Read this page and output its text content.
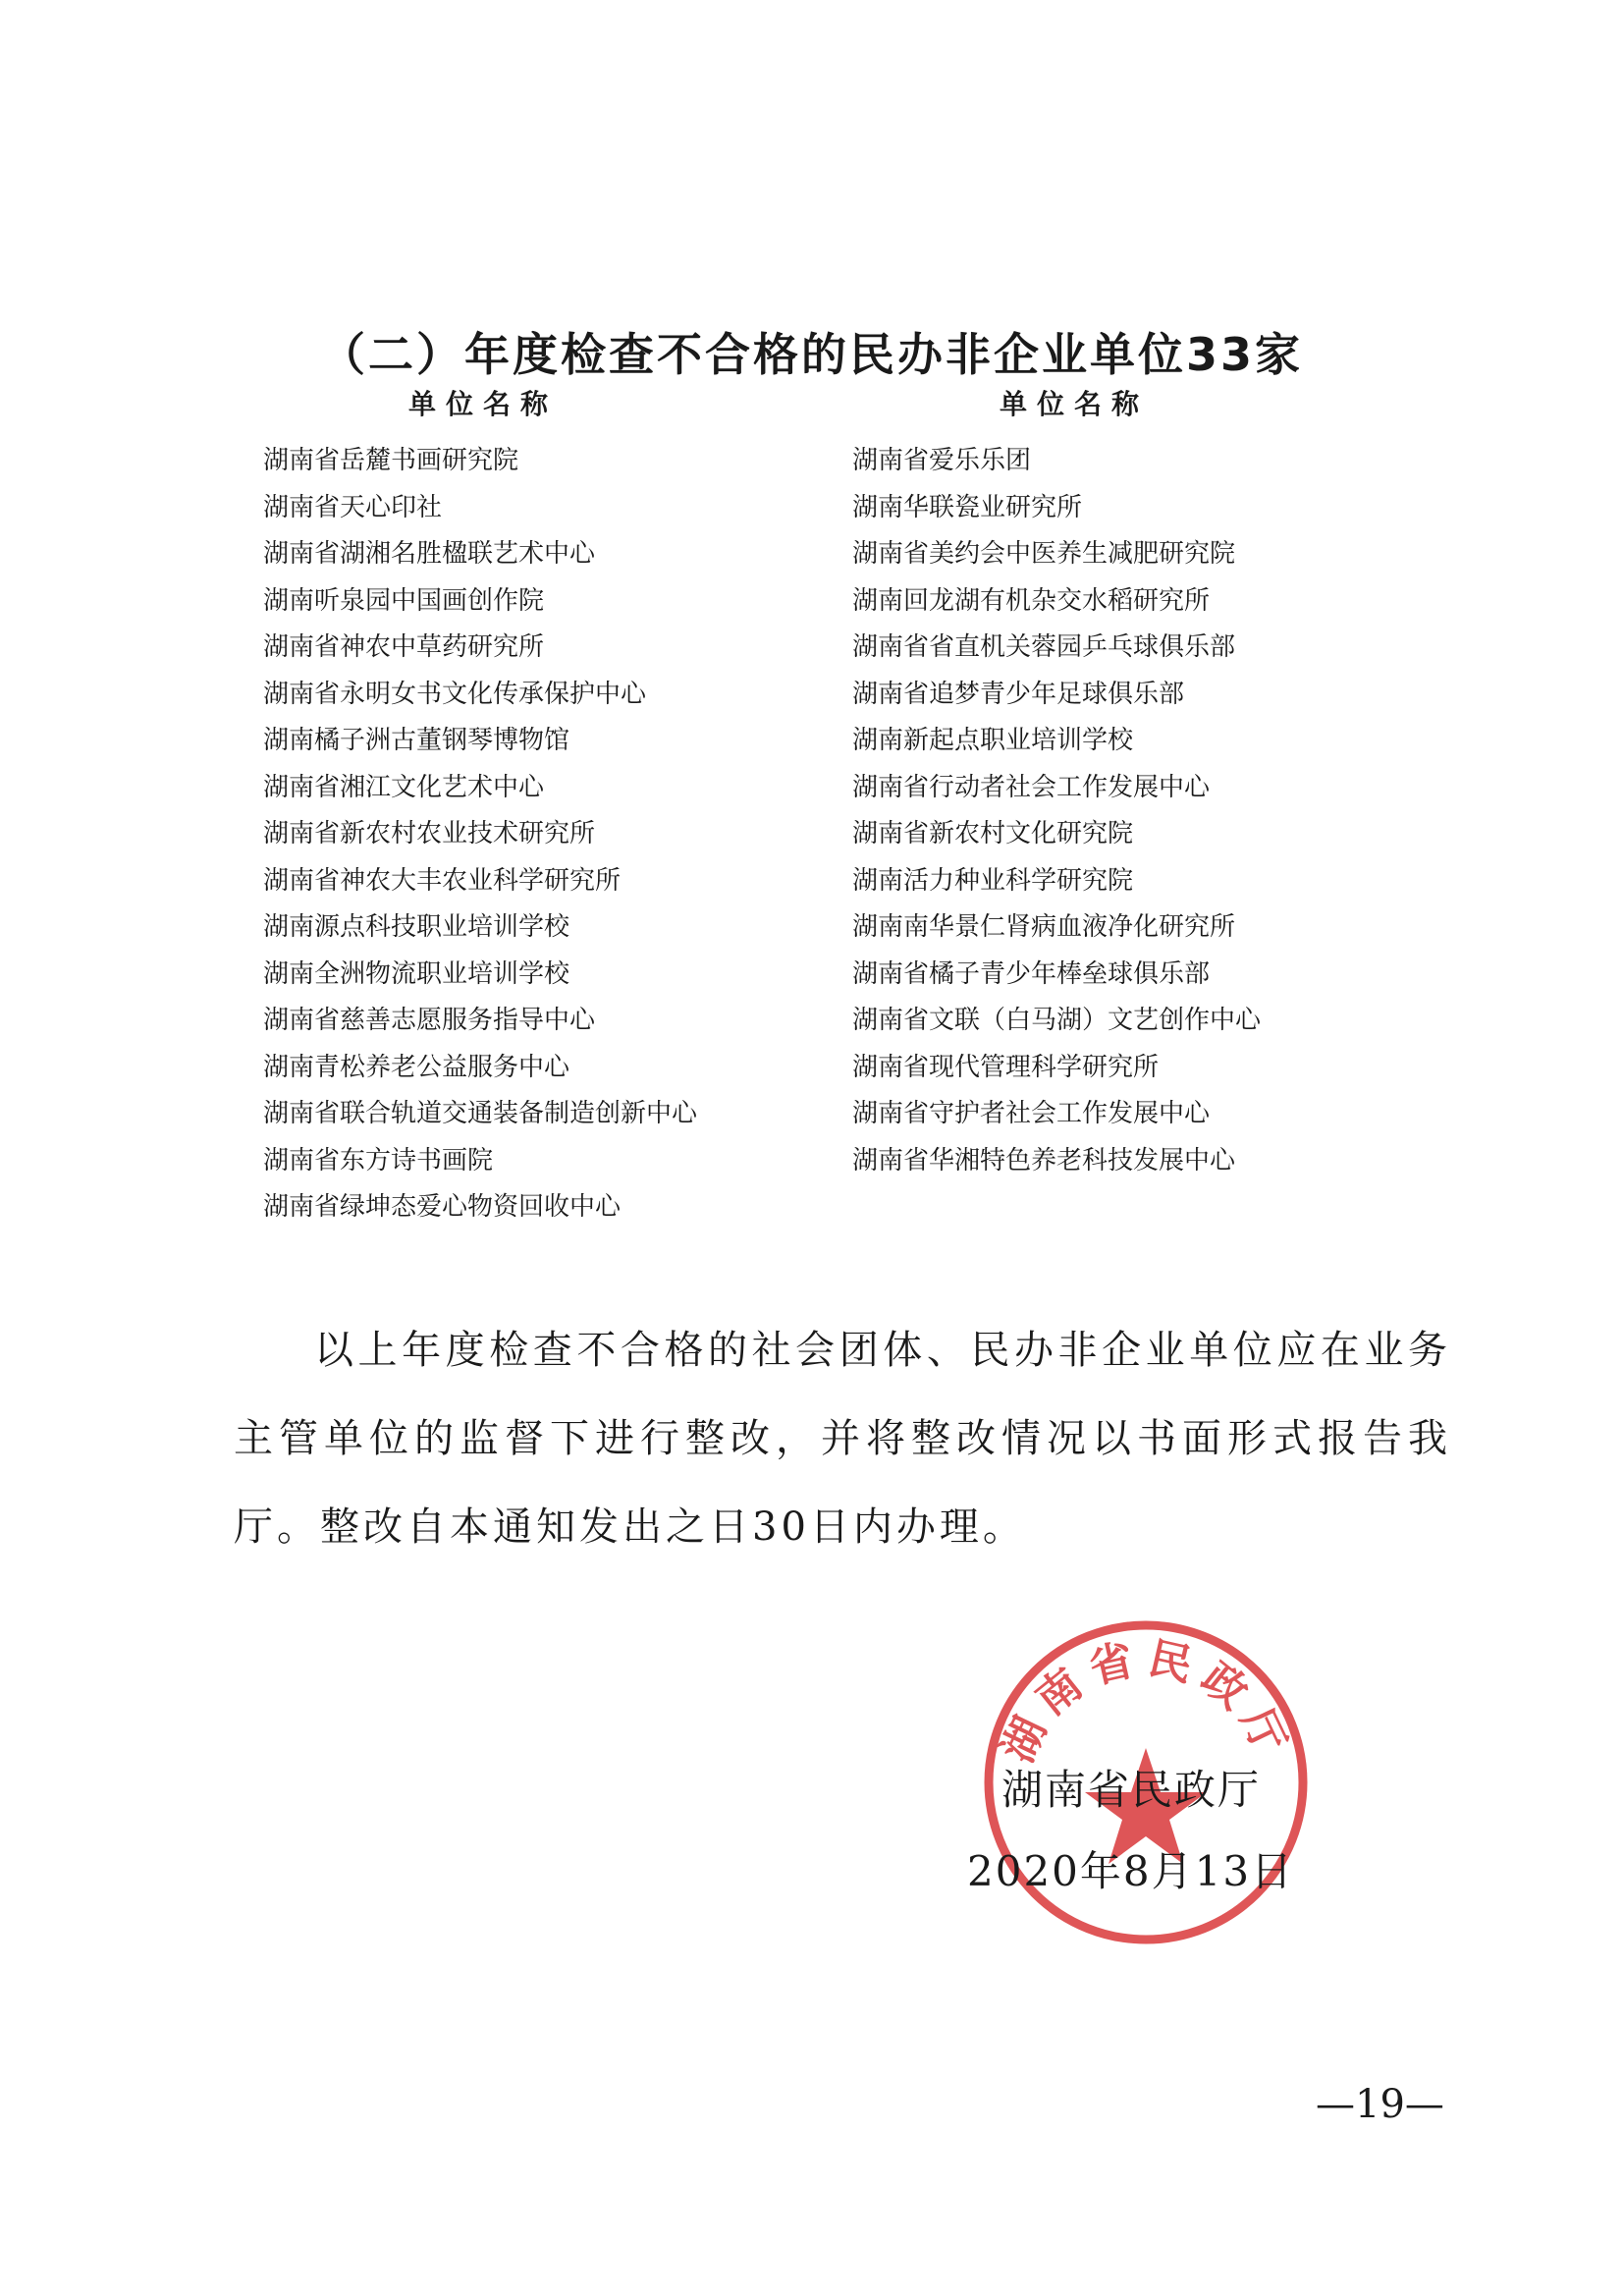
（二）年度检查不合格的民办非企业单位33家
单位名称
湖南省岳麓书画研究院
湖南省天心印社
湖南省湖湘名胜楹联艺术中心
湖南听泉园中国画创作院
湖南省神农中草药研究所
湖南省永明女书文化传承保护中心
湖南橘子洲古董钢琴博物馆
湖南省湘江文化艺术中心
湖南省新农村农业技术研究所
湖南省神农大丰农业科学研究所
湖南源点科技职业培训学校
湖南全洲物流职业培训学校
湖南省慈善志愿服务指导中心
湖南青松养老公益服务中心
湖南省联合轨道交通装备制造创新中心
湖南省东方诗书画院
湖南省绿坤态爱心物资回收中心
单位名称
湖南省爱乐乐团
湖南华联瓷业研究所
湖南省美约会中医养生减肥研究院
湖南回龙湖有机杂交水稻研究所
湖南省省直机关蓉园乒乓球俱乐部
湖南省追梦青少年足球俱乐部
湖南新起点职业培训学校
湖南省行动者社会工作发展中心
湖南省新农村文化研究院
湖南活力种业科学研究院
湖南南华景仁肾病血液净化研究所
湖南省橘子青少年棒垒球俱乐部
湖南省文联（白马湖）文艺创作中心
湖南省现代管理科学研究所
湖南省守护者社会工作发展中心
湖南省华湘特色养老科技发展中心

以上年度检查不合格的社会团体、民办非企业单位应在业务主管单位的监督下进行整改，并将整改情况以书面形式报告我厅。整改自本通知发出之日30日内办理。

湖南省民政厅
湖南省民政厅
2020年8月13日
—19—
